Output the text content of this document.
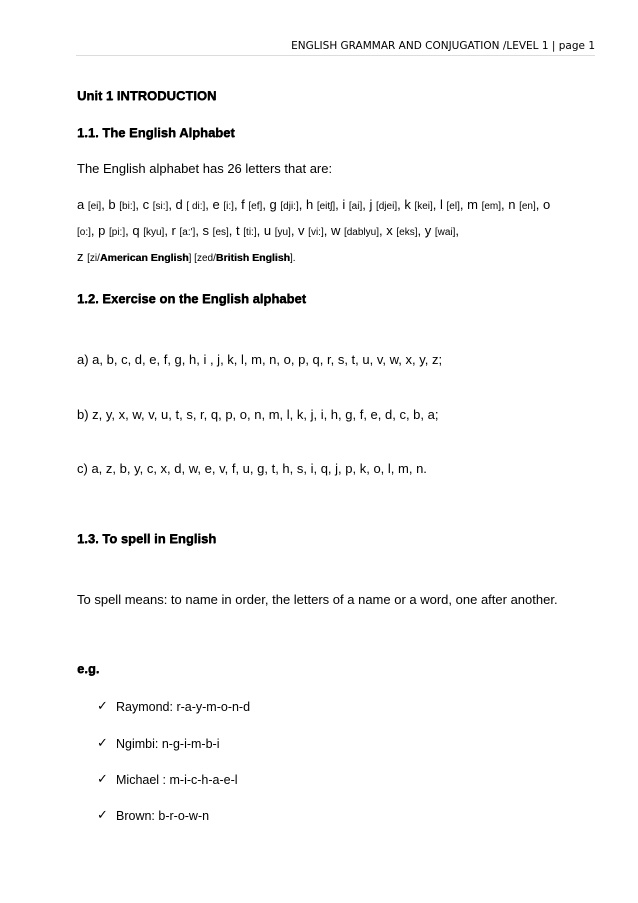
ENGLISH GRAMMAR AND CONJUGATION /LEVEL 1 | page 1
Unit 1 INTRODUCTION
1.1. The English Alphabet
The English alphabet has 26 letters that are:
a [ei], b [bi:], c [si:], d [ di:], e [i:], f [ef], g [dji:], h [eitʃ], i [ai], j [djei], k [kei], l [el], m [em], n [en], o
[o:], p [pi:], q [kyu], r [a:'], s [es], t [ti:], u [yu], v [vi:], w [dablyu], x [eks], y [wai],
z [zi/American English] [zed/British English].
1.2. Exercise on the English alphabet
a) a, b, c, d, e, f, g, h, i , j, k, l, m, n, o, p, q, r, s, t, u, v, w, x, y, z;
b) z, y, x, w, v, u, t, s, r, q, p, o, n, m, l, k, j, i, h, g, f, e, d, c, b, a;
c) a, z, b, y, c, x, d, w, e, v, f, u, g, t, h, s, i, q, j, p, k, o, l, m, n.
1.3. To spell in English
To spell means: to name in order, the letters of a name or a word, one after another.
e.g.
✓ Raymond: r-a-y-m-o-n-d
✓ Ngimbi: n-g-i-m-b-i
✓ Michael : m-i-c-h-a-e-l
✓ Brown: b-r-o-w-n
